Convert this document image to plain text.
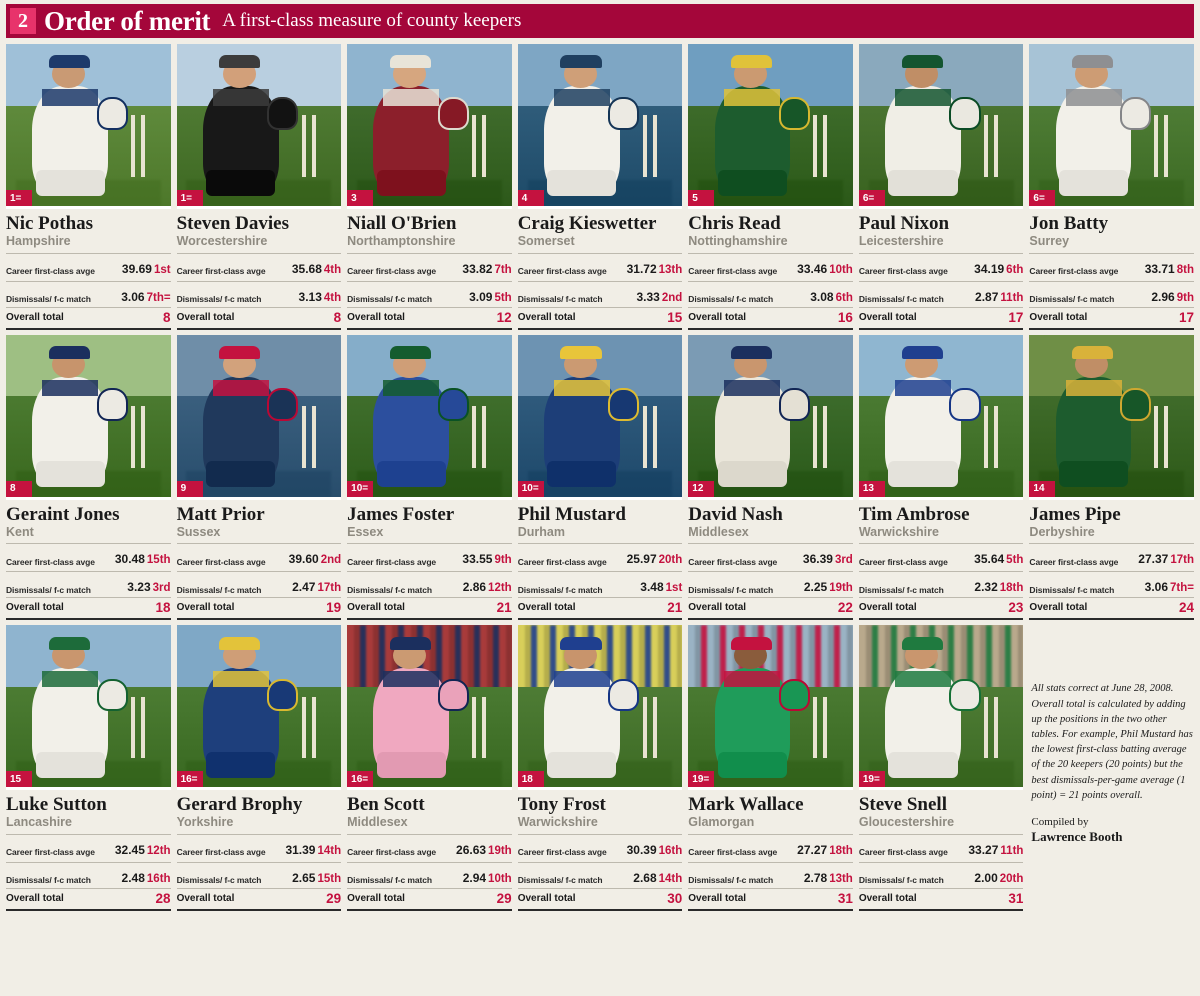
2 Order of merit A first-class measure of county keepers
1=
Nic Pothas
Hampshire
Career first-class avge 39.69 1st
Dismissals/ f-c match	3.06 7th=
Overall total	8
1=
Steven Davies
Worcestershire
Career first-class avge 35.68 4th
Dismissals/ f-c match	3.13 4th
Overall total	8
3
Niall O'Brien
Northamptonshire
Career first-class avge 33.82 7th
Dismissals/ f-c match	3.09 5th
Overall total	12
4
Craig Kieswetter
Somerset
Career first-class avge 31.72 13th
Dismissals/ f-c match	3.33 2nd
Overall total	15
5
Chris Read
Nottinghamshire
Career first-class avge 33.46 10th
Dismissals/ f-c match	3.08 6th
Overall total	16
6=
Paul Nixon
Leicestershire
Career first-class avge 34.19 6th
Dismissals/ f-c match	2.87 11th
Overall total	17
6=
Jon Batty
Surrey
Career first-class avge 33.71 8th
Dismissals/ f-c match	2.96 9th
Overall total	17
8
Geraint Jones
Kent
Career first-class avge 30.48 15th
Dismissals/ f-c match	3.23 3rd
Overall total	18
9
Matt Prior
Sussex
Career first-class avge 39.60 2nd
Dismissals/ f-c match	2.47 17th
Overall total	19
10=
James Foster
Essex
Career first-class avge 33.55 9th
Dismissals/ f-c match	2.86 12th
Overall total	21
10=
Phil Mustard
Durham
Career first-class avge 25.97 20th
Dismissals/ f-c match	3.48 1st
Overall total	21
12
David Nash
Middlesex
Career first-class avge 36.39 3rd
Dismissals/ f-c match	2.25 19th
Overall total	22
13
Tim Ambrose
Warwickshire
Career first-class avge 35.64 5th
Dismissals/ f-c match	2.32 18th
Overall total	23
14
James Pipe
Derbyshire
Career first-class avge 27.37 17th
Dismissals/ f-c match	3.06 7th=
Overall total	24
15
Luke Sutton
Lancashire
Career first-class avge 32.45 12th
Dismissals/ f-c match	2.48 16th
Overall total	28
16=
Gerard Brophy
Yorkshire
Career first-class avge 31.39 14th
Dismissals/ f-c match	2.65 15th
Overall total	29
16=
Ben Scott
Middlesex
Career first-class avge 26.63 19th
Dismissals/ f-c match	2.94 10th
Overall total	29
18
Tony Frost
Warwickshire
Career first-class avge 30.39 16th
Dismissals/ f-c match	2.68 14th
Overall total	30
19=
Mark Wallace
Glamorgan
Career first-class avge 27.27 18th
Dismissals/ f-c match	2.78 13th
Overall total	31
19=
Steve Snell
Gloucestershire
Career first-class avge 33.27 11th
Dismissals/ f-c match	2.00 20th
Overall total	31
All stats correct at June 28, 2008. Overall total is calculated by adding up the positions in the two other tables. For example, Phil Mustard has the lowest first-class batting average of the 20 keepers (20 points) but the best dismissals-per-game average (1 point) = 21 points overall.
Compiled by
Lawrence Booth
